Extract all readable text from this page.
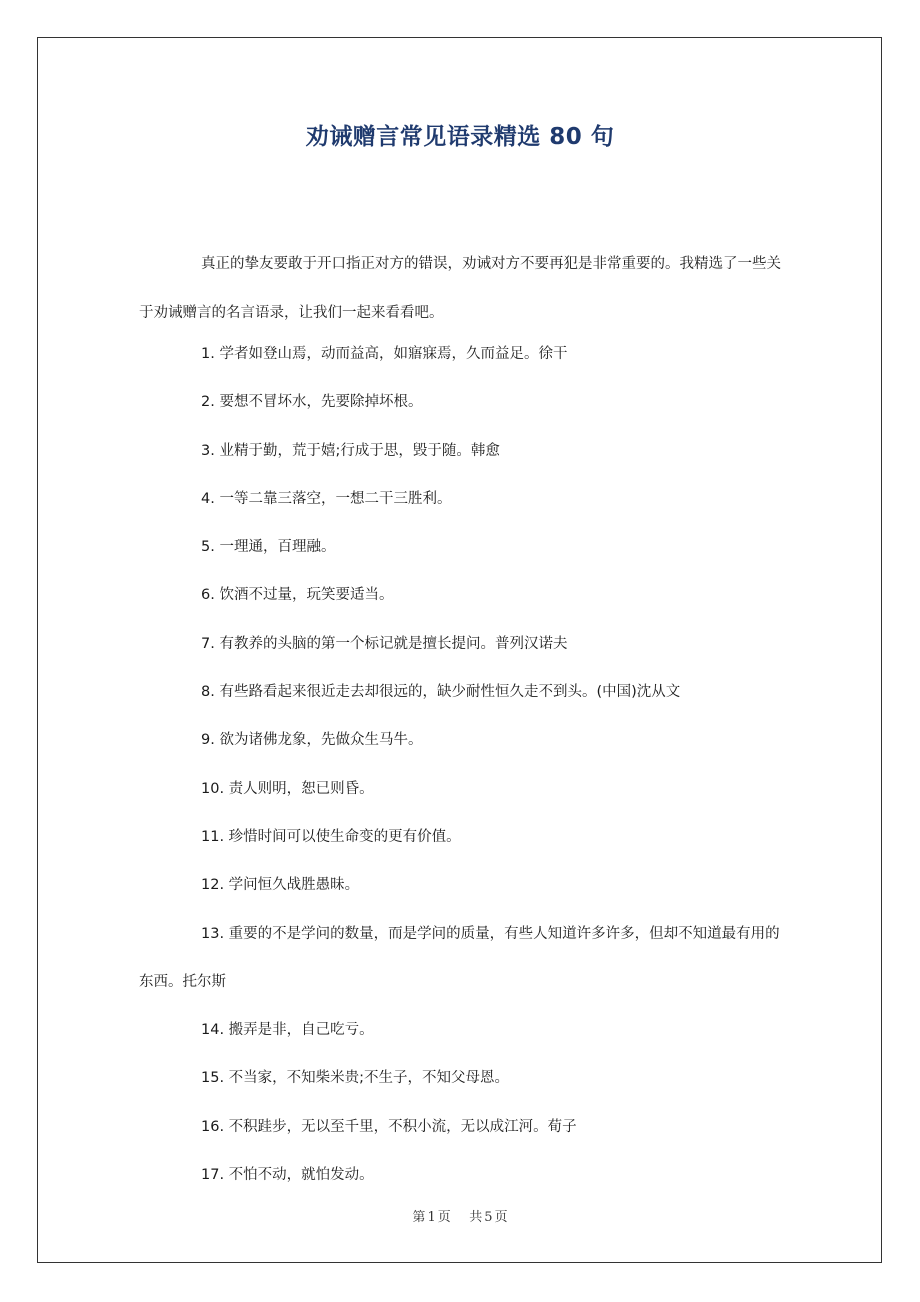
劝诫赠言常见语录精选 80 句

真正的挚友要敢于开口指正对方的错误，劝诫对方不要再犯是非常重要的。我精选了一些关于劝诫赠言的名言语录，让我们一起来看看吧。

1. 学者如登山焉，动而益高，如寤寐焉，久而益足。徐干
2. 要想不冒坏水，先要除掉坏根。
3. 业精于勤，荒于嬉;行成于思，毁于随。韩愈
4. 一等二靠三落空，一想二干三胜利。
5. 一理通，百理融。
6. 饮酒不过量，玩笑要适当。
7. 有教养的头脑的第一个标记就是擅长提问。普列汉诺夫
8. 有些路看起来很近走去却很远的，缺少耐性恒久走不到头。(中国)沈从文
9. 欲为诸佛龙象，先做众生马牛。
10. 责人则明，恕已则昏。
11. 珍惜时间可以使生命变的更有价值。
12. 学问恒久战胜愚昧。
13. 重要的不是学问的数量，而是学问的质量，有些人知道许多许多，但却不知道最有用的东西。托尔斯
14. 搬弄是非，自己吃亏。
15. 不当家，不知柴米贵;不生子，不知父母恩。
16. 不积跬步，无以至千里，不积小流，无以成江河。荀子
17. 不怕不动，就怕发动。
第 1 页 共 5 页
